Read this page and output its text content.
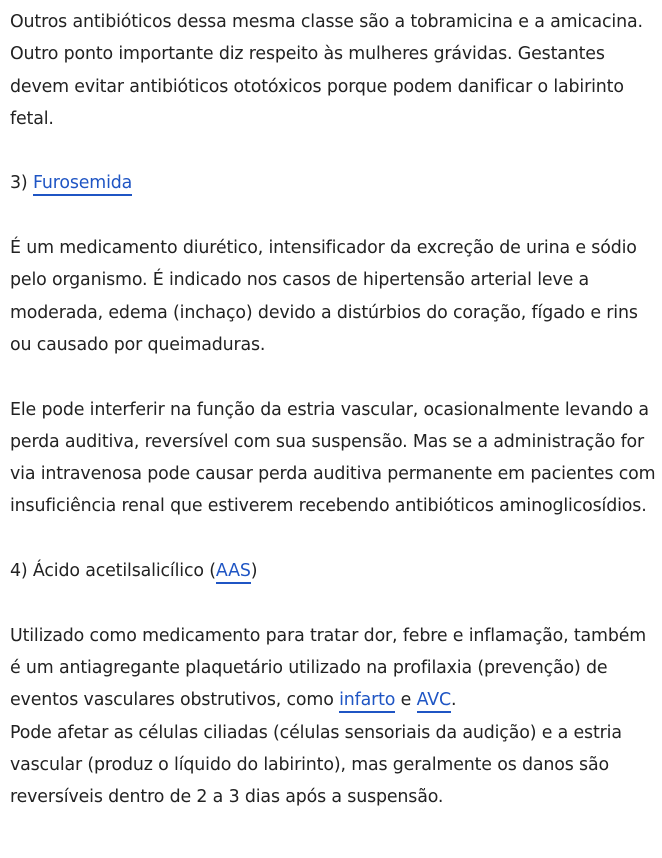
Outros antibióticos dessa mesma classe são a tobramicina e a amicacina. Outro ponto importante diz respeito às mulheres grávidas. Gestantes devem evitar antibióticos ototóxicos porque podem danificar o labirinto fetal.

3) Furosemida

É um medicamento diurético, intensificador da excreção de urina e sódio pelo organismo. É indicado nos casos de hipertensão arterial leve a moderada, edema (inchaço) devido a distúrbios do coração, fígado e rins ou causado por queimaduras.

Ele pode interferir na função da estria vascular, ocasionalmente levando a perda auditiva, reversível com sua suspensão. Mas se a administração for via intravenosa pode causar perda auditiva permanente em pacientes com insuficiência renal que estiverem recebendo antibióticos aminoglicosídios.

4) Ácido acetilsalicílico (AAS)

Utilizado como medicamento para tratar dor, febre e inflamação, também é um antiagregante plaquetário utilizado na profilaxia (prevenção) de eventos vasculares obstrutivos, como infarto e AVC.
Pode afetar as células ciliadas (células sensoriais da audição) e a estria vascular (produz o líquido do labirinto), mas geralmente os danos são reversíveis dentro de 2 a 3 dias após a suspensão.
